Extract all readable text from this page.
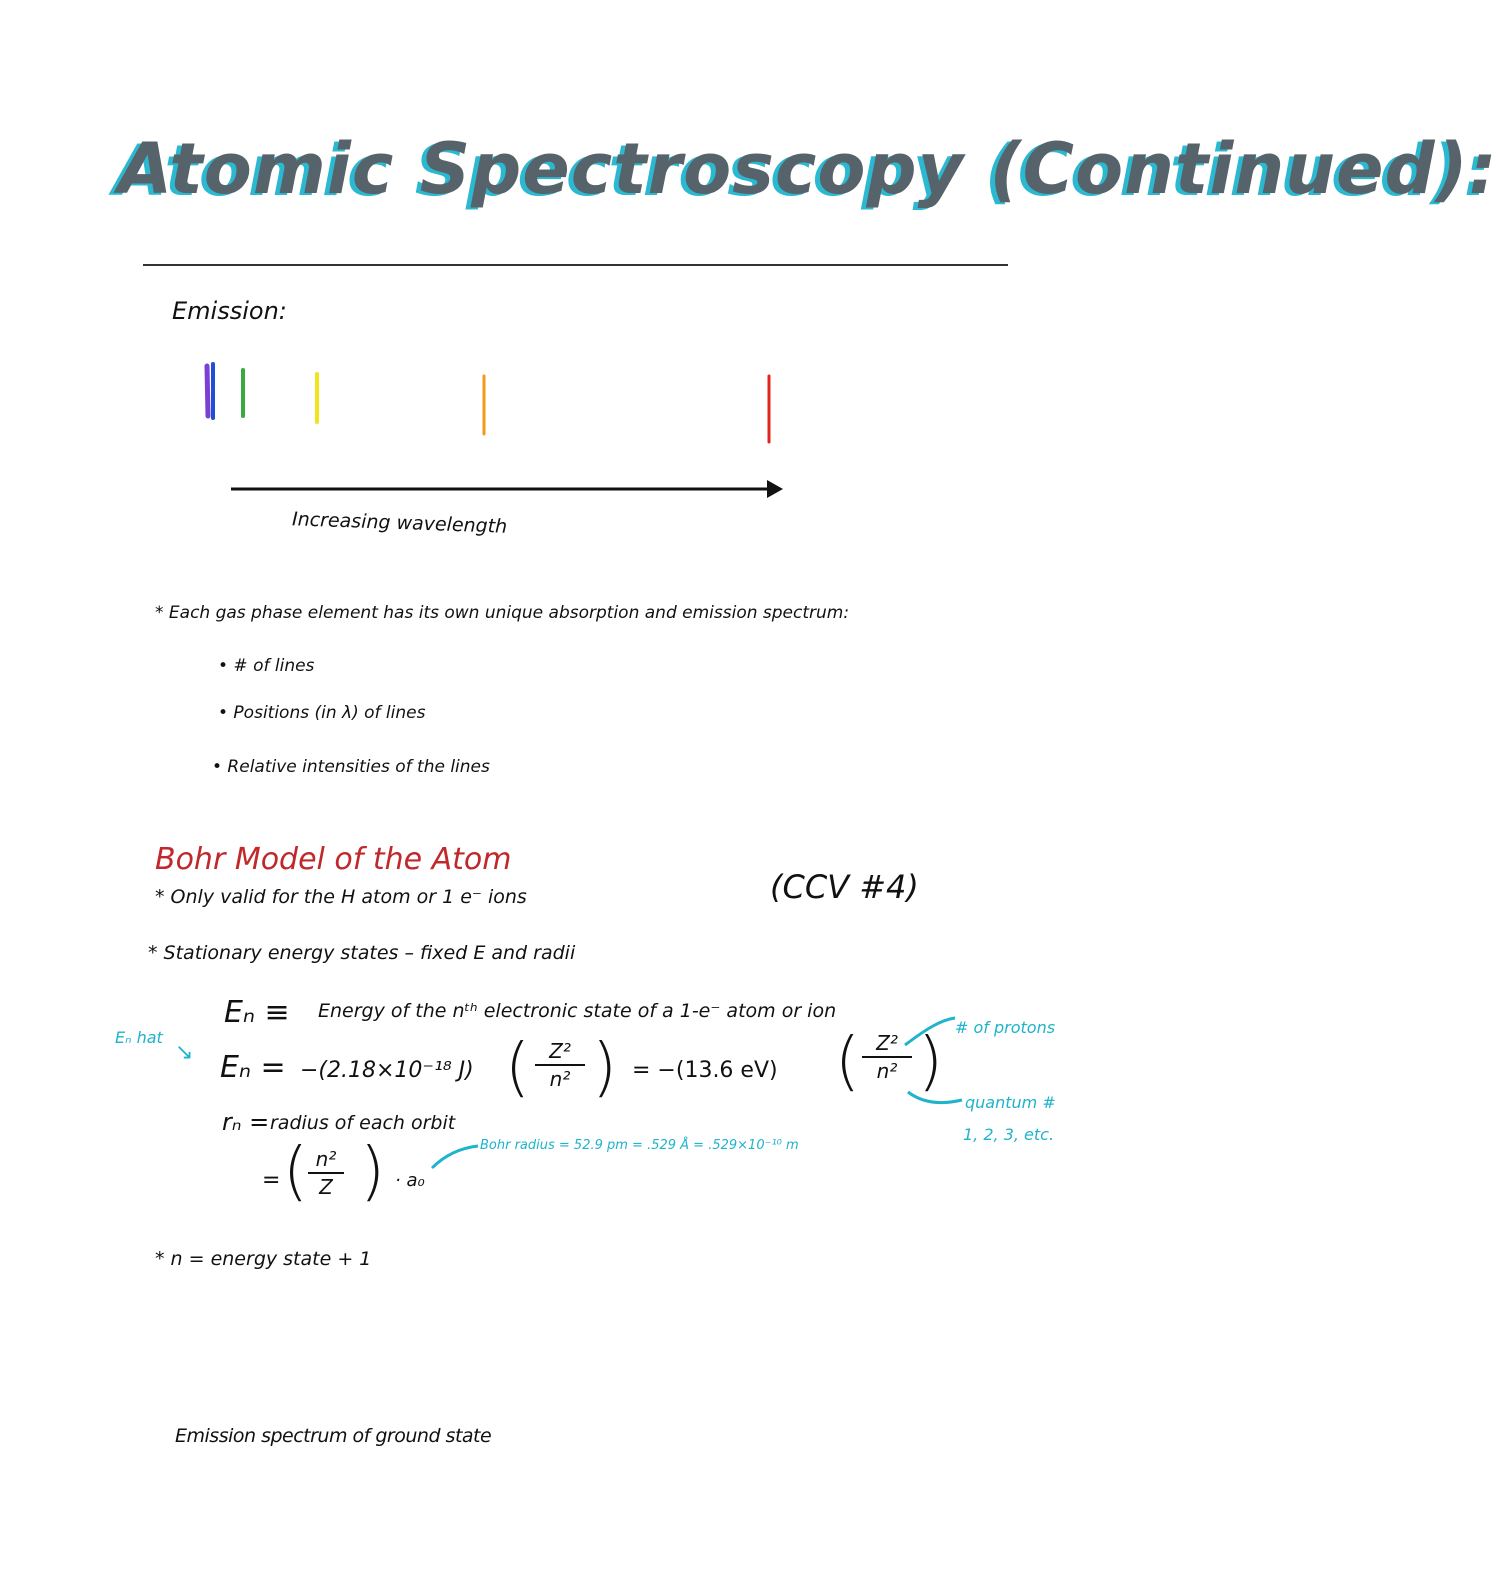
Atomic Spectroscopy (Continued):
Emission:
Increasing wavelength
* Each gas phase element has its own unique absorption and emission spectrum:
• # of lines
• Positions (in λ) of lines
• Relative intensities of the lines
Bohr Model of the Atom
* Only valid for the H atom or 1 e⁻ ions	(CCV #4)
* Stationary energy states – fixed E and radii
Eₙ ≡ Energy of the nᵗʰ electronic state of a 1-e⁻ atom or ion
Eₙ hat
↘ Eₙ = −(2.18×10⁻¹⁸ J) ( Z²
n² ) = −(13.6 eV) ( Z²
n² ) # of protons
quantum #
1, 2, 3, etc.
rₙ = radius of each orbit
= ( n²
Z ) · a₀
Bohr radius = 52.9 pm = .529 Å = .529×10⁻¹⁰ m
* n = energy state + 1
Emission spectrum of ground state
